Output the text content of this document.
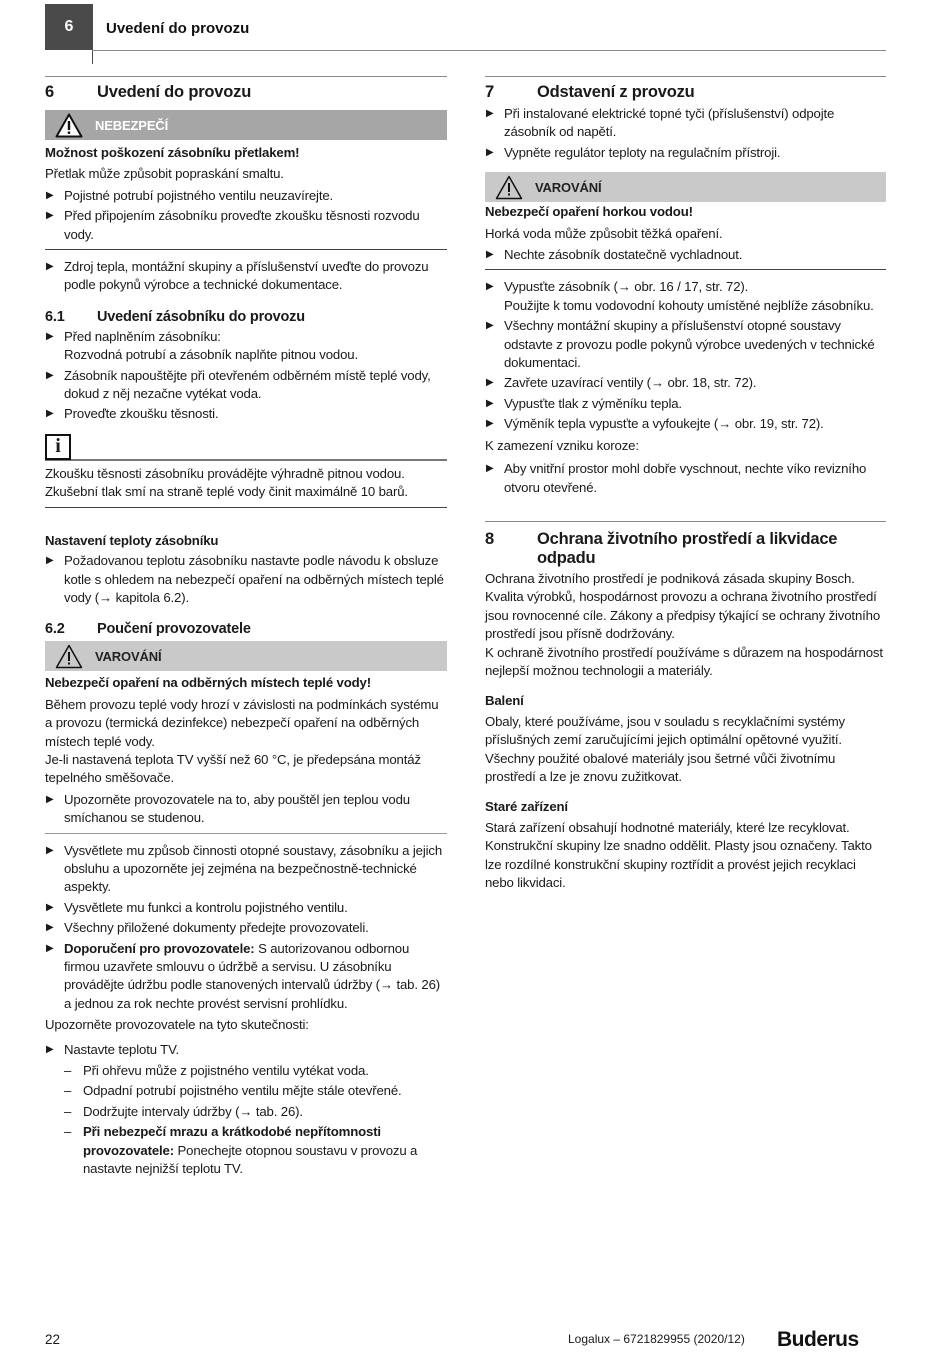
6 Uvedení do provozu
6	Uvedení do provozu
NEBEZPEČÍ

Možnost poškození zásobníku přetlakem!

Přetlak může způsobit popraskání smaltu.

▶ Pojistné potrubí pojistného ventilu neuzavírejte.
▶ Před připojením zásobníku proveďte zkoušku těsnosti rozvodu vody.
▶ Zdroj tepla, montážní skupiny a příslušenství uveďte do provozu podle pokynů výrobce a technické dokumentace.
6.1	Uvedení zásobníku do provozu
▶ Před naplněním zásobníku:
Rozvodná potrubí a zásobník naplňte pitnou vodou.
▶ Zásobník napouštějte při otevřeném odběrném místě teplé vody, dokud z něj nezačne vytékat voda.
▶ Proveďte zkoušku těsnosti.
i

Zkoušku těsnosti zásobníku provádějte výhradně pitnou vodou.

Zkušební tlak smí na straně teplé vody činit maximálně 10 barů.

Nastavení teploty zásobníku
▶ Požadovanou teplotu zásobníku nastavte podle návodu k obsluze kotle s ohledem na nebezpečí opaření na odběrných místech teplé vody (→ kapitola 6.2).
6.2	Poučení provozovatele
VAROVÁNÍ

Nebezpečí opaření na odběrných místech teplé vody!

Během provozu teplé vody hrozí v závislosti na podmínkách systému a provozu (termická dezinfekce) nebezpečí opaření na odběrných místech teplé vody.

Je-li nastavená teplota TV vyšší než 60 °C, je předepsána montáž tepelného směšovače.

▶ Upozorněte provozovatele na to, aby pouštěl jen teplou vodu smíchanou se studenou.
▶ Vysvětlete mu způsob činnosti otopné soustavy, zásobníku a jejich obsluhu a upozorněte jej zejména na bezpečnostně-technické aspekty.
▶ Vysvětlete mu funkci a kontrolu pojistného ventilu.
▶ Všechny přiložené dokumenty předejte provozovateli.
▶ Doporučení pro provozovatele: S autorizovanou odbornou firmou uzavřete smlouvu o údržbě a servisu. U zásobníku provádějte údržbu podle stanovených intervalů údržby (→ tab. 26) a jednou za rok nechte provést servisní prohlídku.

Upozorněte provozovatele na tyto skutečnosti:

▶ Nastavte teplotu TV.
– Při ohřevu může z pojistného ventilu vytékat voda.
– Odpadní potrubí pojistného ventilu mějte stále otevřené.
– Dodržujte intervaly údržby (→ tab. 26).
– Při nebezpečí mrazu a krátkodobé nepřítomnosti provozovatele: Ponechejte otopnou soustavu v provozu a nastavte nejnižší teplotu TV.
7	Odstavení z provozu
▶ Při instalované elektrické topné tyči (příslušenství) odpojte zásobník od napětí.
▶ Vypněte regulátor teploty na regulačním přístroji.
VAROVÁNÍ

Nebezpečí opaření horkou vodou!

Horká voda může způsobit těžká opaření.

▶ Nechte zásobník dostatečně vychladnout.
▶ Vypusťte zásobník (→ obr. 16 / 17, str. 72).
Použijte k tomu vodovodní kohouty umístěné nejblíže zásobníku.
▶ Všechny montážní skupiny a příslušenství otopné soustavy odstavte z provozu podle pokynů výrobce uvedených v technické dokumentaci.
▶ Zavřete uzavírací ventily (→ obr. 18, str. 72).
▶ Vypusťte tlak z výměníku tepla.
▶ Výměník tepla vypusťte a vyfoukejte (→ obr. 19, str. 72).

K zamezení vzniku koroze:

▶ Aby vnitřní prostor mohl dobře vyschnout, nechte víko revizního otvoru otevřené.
8	Ochrana životního prostředí a likvidace odpadu

Ochrana životního prostředí je podniková zásada skupiny Bosch.

Kvalita výrobků, hospodárnost provozu a ochrana životního prostředí jsou rovnocenné cíle. Zákony a předpisy týkající se ochrany životního prostředí jsou přísně dodržovány.

K ochraně životního prostředí používáme s důrazem na hospodárnost nejlepší možnou technologii a materiály.

Balení

Obaly, které používáme, jsou v souladu s recyklačními systémy příslušných zemí zaručujícími jejich optimální opětovné využití.

Všechny použité obalové materiály jsou šetrné vůči životnímu prostředí a lze je znovu zužitkovat.

Staré zařízení

Stará zařízení obsahují hodnotné materiály, které lze recyklovat. Konstrukční skupiny lze snadno oddělit. Plasty jsou označeny. Takto lze rozdílné konstrukční skupiny roztřídit a provést jejich recyklaci nebo likvidaci.

22	Logalux – 6721829955 (2020/12) Buderus
